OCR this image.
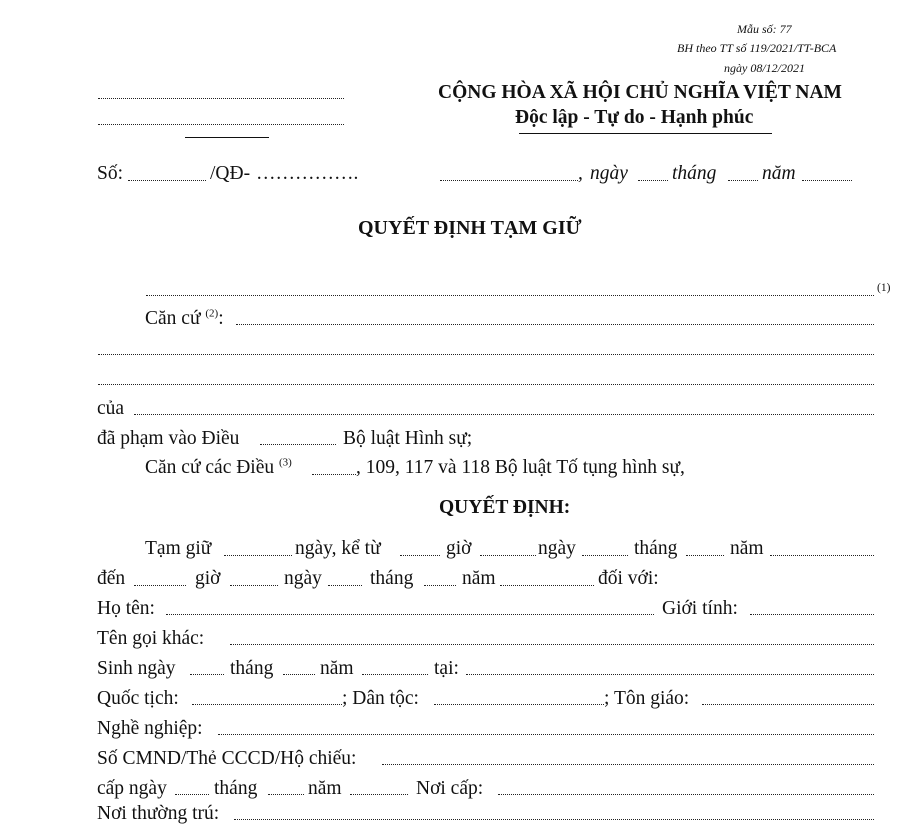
Mẫu số: 77
BH theo TT số 119/2021/TT-BCA
ngày 08/12/2021
CỘNG HÒA XÃ HỘI CHỦ NGHĨA VIỆT NAM
Độc lập - Tự do - Hạnh phúc
Số:	/QĐ- …………….	, ngày tháng năm
QUYẾT ĐỊNH TẠM GIỮ
(1)
Căn cứ $^{(2)}$:
của
đã phạm vào Điều	Bộ luật Hình sự;
Căn cứ các Điều $^{(3)}$	, 109, 117 và 118 Bộ luật Tố tụng hình sự,
QUYẾT ĐỊNH:
Tạm giữ	ngày, kể từ	giờ	ngày	tháng	năm
đến	giờ	ngày tháng năm	đối với:
Họ tên:	Giới tính:
Tên gọi khác:
Sinh ngày	tháng năm	tại:
Quốc tịch:	; Dân tộc:	; Tôn giáo:
Nghề nghiệp:
Số CMND/Thẻ CCCD/Hộ chiếu:
cấp ngày tháng	năm	Nơi cấp:
Nơi thường trú:
